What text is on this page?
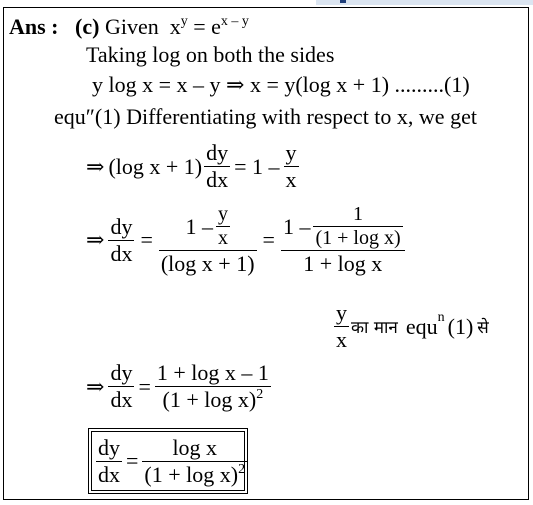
Ans : (c) Given $x^y = e^{x - y}$
Taking log on both the sides
y log x = x – y ⇒ x = y(log x + 1) .........(1)
equ″(1) Differentiating with respect to x, we get
⇒ (log $x + 1) \frac{dy}{dx} = 1 - \frac{y}{x}$
⇒ $\frac{dy}{dx} = \frac{1 - \frac{y}{x}}{\text{(log x + 1)}} = \frac{1 - \frac{1}{\text{(1 + log x)}}}{\text{1 + log x}}$
$\frac{y}{x}$ का मान equ n (1) से
⇒ $\frac{dy}{dx} = \frac{\text{1 + log x – 1}}{(1 + \log x)^2}$
$\frac{dy}{dx} = \frac{\text{log x}}{(1 + \log x)^2}$
